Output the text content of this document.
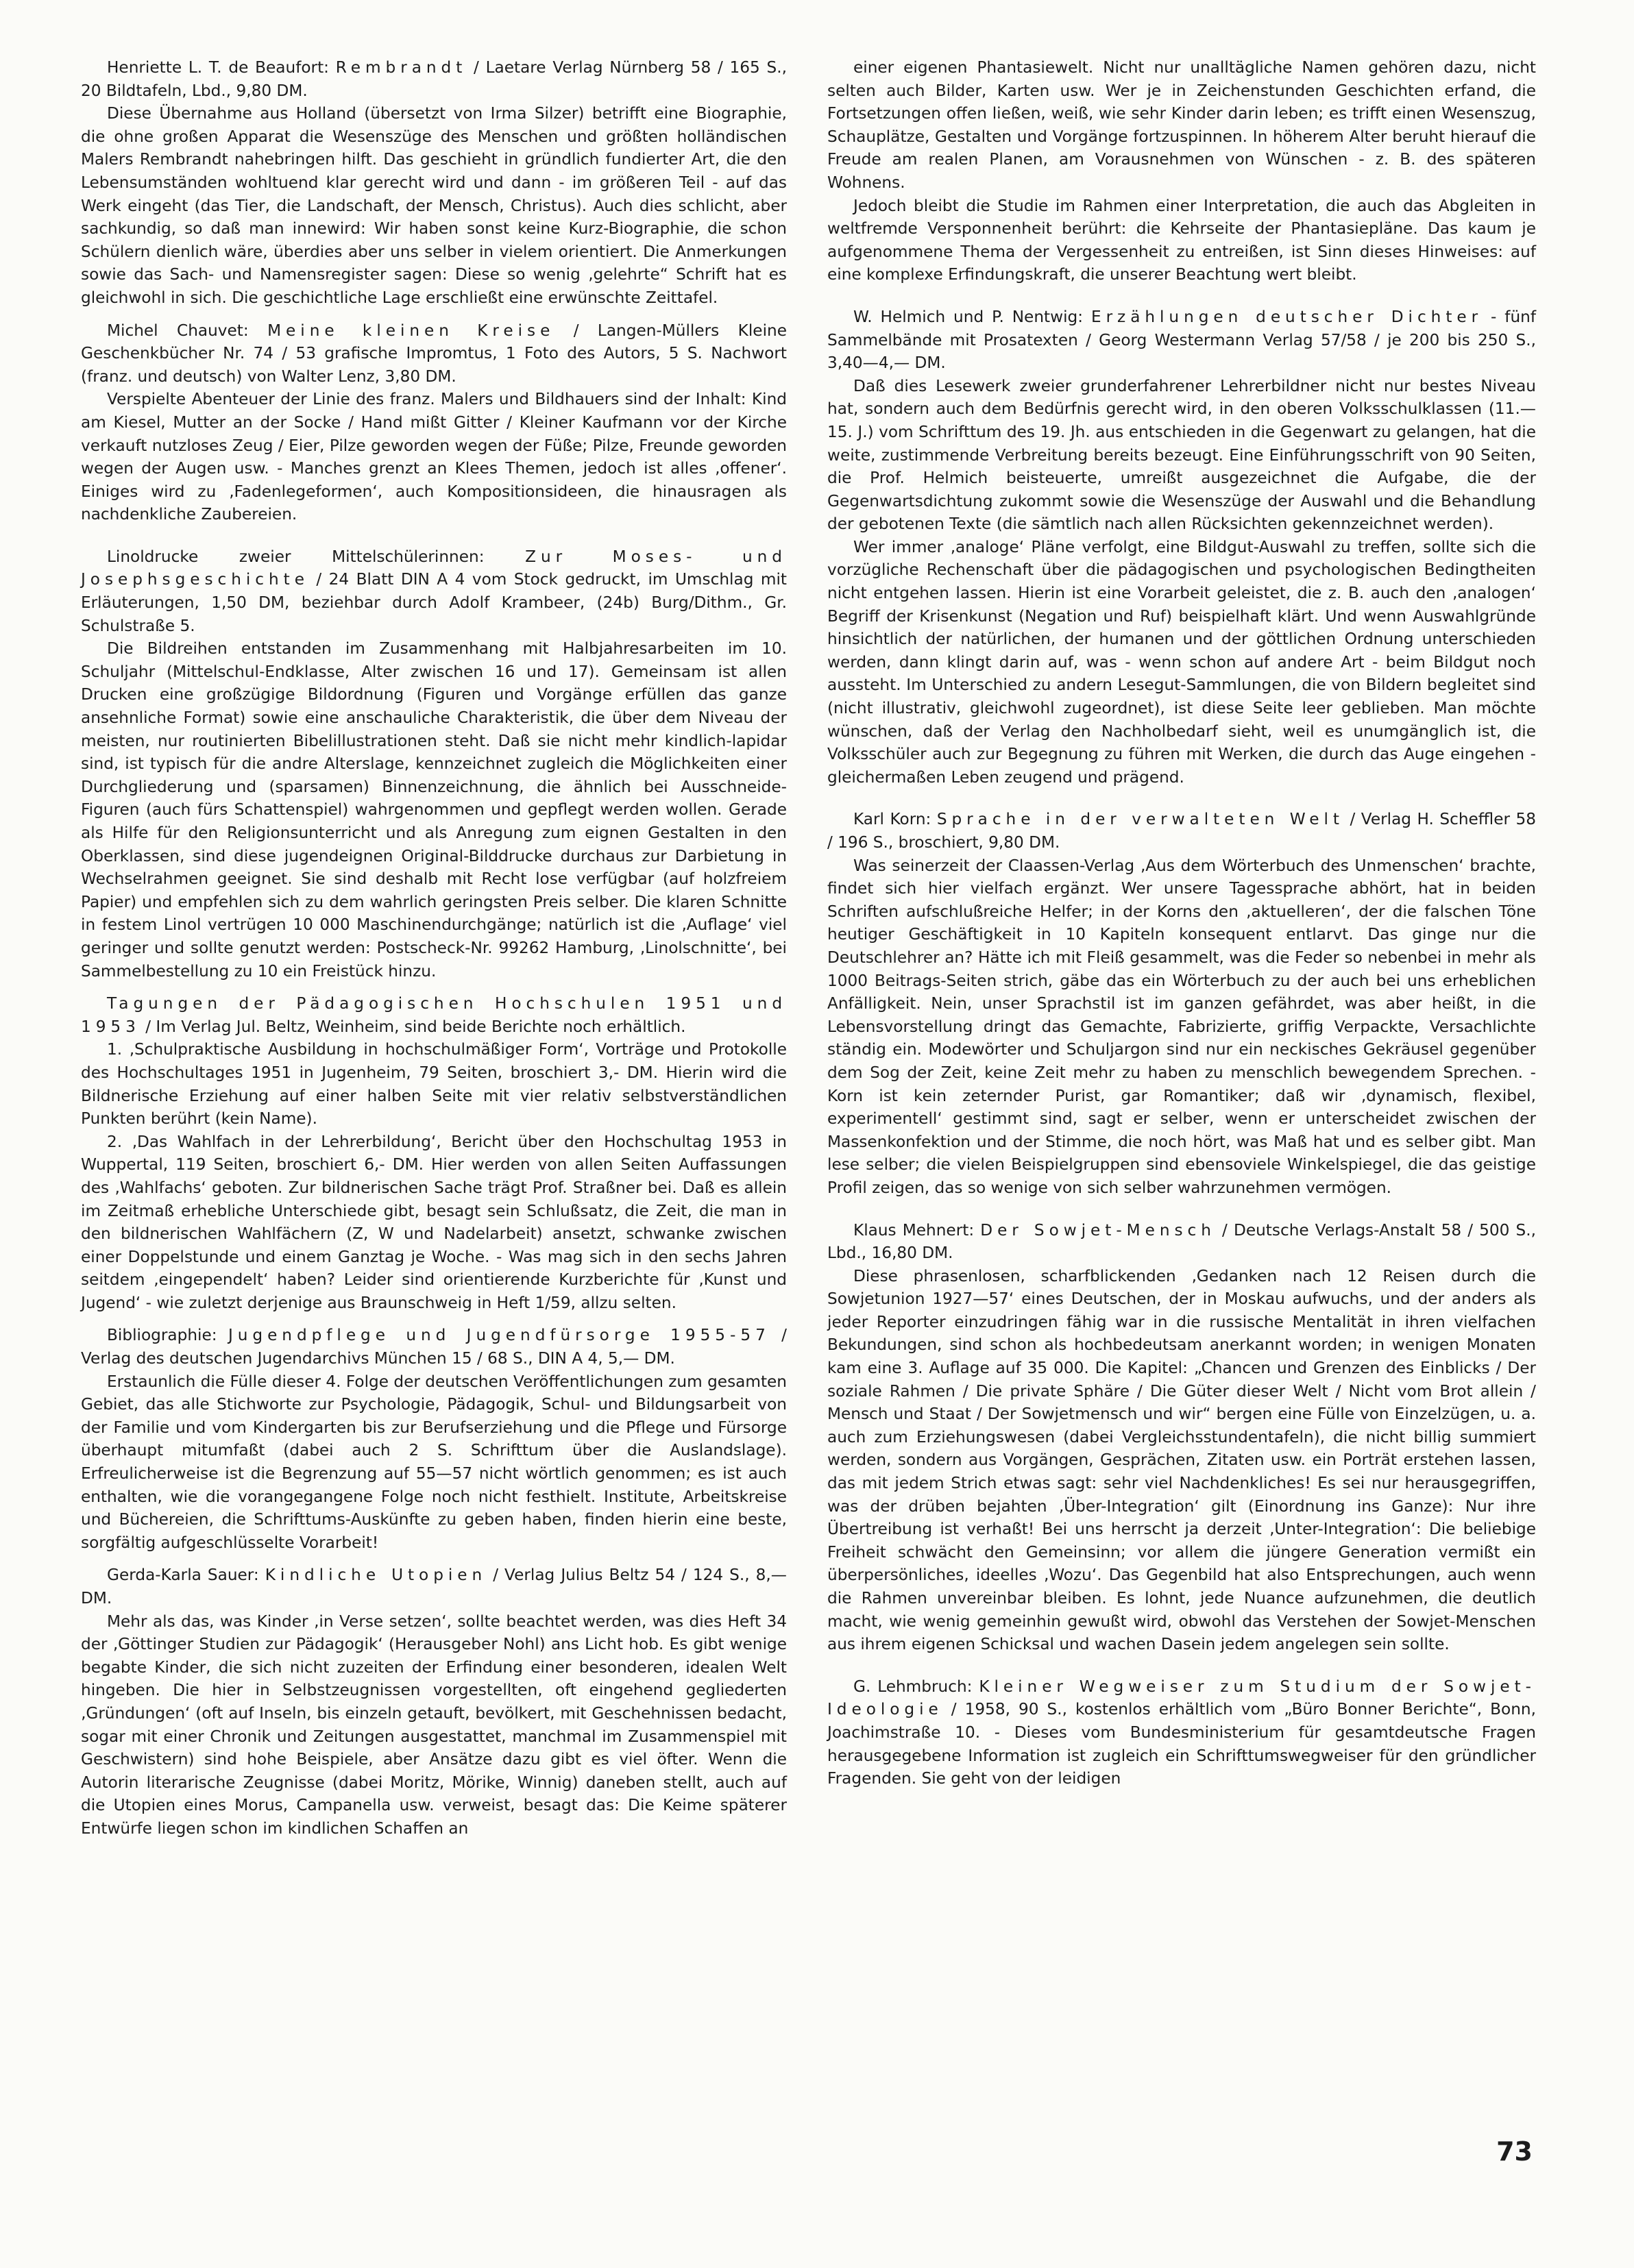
Henriette L. T. de Beaufort: Rembrandt / Laetare Verlag Nürnberg 58 / 165 S., 20 Bildtafeln, Lbd., 9,80 DM.

Diese Übernahme aus Holland (übersetzt von Irma Silzer) betrifft eine Biographie, die ohne großen Apparat die Wesenszüge des Menschen und größten holländischen Malers Rembrandt nahebringen hilft. Das geschieht in gründlich fundierter Art, die den Lebensumständen wohltuend klar gerecht wird und dann - im größeren Teil - auf das Werk eingeht (das Tier, die Landschaft, der Mensch, Christus). Auch dies schlicht, aber sachkundig, so daß man innewird: Wir haben sonst keine Kurz-Biographie, die schon Schülern dienlich wäre, überdies aber uns selber in vielem orientiert. Die Anmerkungen sowie das Sach- und Namensregister sagen: Diese so wenig ‚gelehrte“ Schrift hat es gleichwohl in sich. Die geschichtliche Lage erschließt eine erwünschte Zeittafel.

Michel Chauvet: Meine kleinen Kreise / Langen-Müllers Kleine Geschenkbücher Nr. 74 / 53 grafische Impromtus, 1 Foto des Autors, 5 S. Nachwort (franz. und deutsch) von Walter Lenz, 3,80 DM.

Verspielte Abenteuer der Linie des franz. Malers und Bildhauers sind der Inhalt: Kind am Kiesel, Mutter an der Socke / Hand mißt Gitter / Kleiner Kaufmann vor der Kirche verkauft nutzloses Zeug / Eier, Pilze geworden wegen der Füße; Pilze, Freunde geworden wegen der Augen usw. - Manches grenzt an Klees Themen, jedoch ist alles ‚offener‘. Einiges wird zu ‚Fadenlegeformen‘, auch Kompositionsideen, die hinausragen als nachdenkliche Zaubereien.

Linoldrucke zweier Mittelschülerinnen: Zur Moses- und Josephsgeschichte / 24 Blatt DIN A 4 vom Stock gedruckt, im Umschlag mit Erläuterungen, 1,50 DM, beziehbar durch Adolf Krambeer, (24b) Burg/Dithm., Gr. Schulstraße 5.

Die Bildreihen entstanden im Zusammenhang mit Halbjahresarbeiten im 10. Schuljahr (Mittelschul-Endklasse, Alter zwischen 16 und 17). Gemeinsam ist allen Drucken eine großzügige Bildordnung (Figuren und Vorgänge erfüllen das ganze ansehnliche Format) sowie eine anschauliche Charakteristik, die über dem Niveau der meisten, nur routinierten Bibelillustrationen steht. Daß sie nicht mehr kindlich-lapidar sind, ist typisch für die andre Alterslage, kennzeichnet zugleich die Möglichkeiten einer Durchgliederung und (sparsamen) Binnenzeichnung, die ähnlich bei Ausschneide-Figuren (auch fürs Schattenspiel) wahrgenommen und gepflegt werden wollen. Gerade als Hilfe für den Religionsunterricht und als Anregung zum eignen Gestalten in den Oberklassen, sind diese jugendeignen Original-Bilddrucke durchaus zur Darbietung in Wechselrahmen geeignet. Sie sind deshalb mit Recht lose verfügbar (auf holzfreiem Papier) und empfehlen sich zu dem wahrlich geringsten Preis selber. Die klaren Schnitte in festem Linol vertrügen 10 000 Maschinendurchgänge; natürlich ist die ‚Auflage‘ viel geringer und sollte genutzt werden: Postscheck-Nr. 99262 Hamburg, ‚Linolschnitte‘, bei Sammelbestellung zu 10 ein Freistück hinzu.

Tagungen der Pädagogischen Hochschulen 1951 und 1953 / Im Verlag Jul. Beltz, Weinheim, sind beide Berichte noch erhältlich.

1. ‚Schulpraktische Ausbildung in hochschulmäßiger Form‘, Vorträge und Protokolle des Hochschultages 1951 in Jugenheim, 79 Seiten, broschiert 3,- DM. Hierin wird die Bildnerische Erziehung auf einer halben Seite mit vier relativ selbstverständlichen Punkten berührt (kein Name).

2. ‚Das Wahlfach in der Lehrerbildung‘, Bericht über den Hochschultag 1953 in Wuppertal, 119 Seiten, broschiert 6,- DM. Hier werden von allen Seiten Auffassungen des ‚Wahlfachs‘ geboten. Zur bildnerischen Sache trägt Prof. Straßner bei. Daß es allein im Zeitmaß erhebliche Unterschiede gibt, besagt sein Schlußsatz, die Zeit, die man in den bildnerischen Wahlfächern (Z, W und Nadelarbeit) ansetzt, schwanke zwischen einer Doppelstunde und einem Ganztag je Woche. - Was mag sich in den sechs Jahren seitdem ‚eingependelt‘ haben? Leider sind orientierende Kurzberichte für ‚Kunst und Jugend‘ - wie zuletzt derjenige aus Braunschweig in Heft 1/59, allzu selten.

Bibliographie: Jugendpflege und Jugendfürsorge 1955-57 / Verlag des deutschen Jugendarchivs München 15 / 68 S., DIN A 4, 5,— DM.

Erstaunlich die Fülle dieser 4. Folge der deutschen Veröffentlichungen zum gesamten Gebiet, das alle Stichworte zur Psychologie, Pädagogik, Schul- und Bildungsarbeit von der Familie und vom Kindergarten bis zur Berufserziehung und die Pflege und Fürsorge überhaupt mitumfaßt (dabei auch 2 S. Schrifttum über die Auslandslage). Erfreulicherweise ist die Begrenzung auf 55—57 nicht wörtlich genommen; es ist auch enthalten, wie die vorangegangene Folge noch nicht festhielt. Institute, Arbeitskreise und Büchereien, die Schrifttums-Auskünfte zu geben haben, finden hierin eine beste, sorgfältig aufgeschlüsselte Vorarbeit!

Gerda-Karla Sauer: Kindliche Utopien / Verlag Julius Beltz 54 / 124 S., 8,— DM.

Mehr als das, was Kinder ‚in Verse setzen‘, sollte beachtet werden, was dies Heft 34 der ‚Göttinger Studien zur Pädagogik‘ (Herausgeber Nohl) ans Licht hob. Es gibt wenige begabte Kinder, die sich nicht zuzeiten der Erfindung einer besonderen, idealen Welt hingeben. Die hier in Selbstzeugnissen vorgestellten, oft eingehend gegliederten ‚Gründungen‘ (oft auf Inseln, bis einzeln getauft, bevölkert, mit Geschehnissen bedacht, sogar mit einer Chronik und Zeitungen ausgestattet, manchmal im Zusammenspiel mit Geschwistern) sind hohe Beispiele, aber Ansätze dazu gibt es viel öfter. Wenn die Autorin literarische Zeugnisse (dabei Moritz, Mörike, Winnig) daneben stellt, auch auf die Utopien eines Morus, Campanella usw. verweist, besagt das: Die Keime späterer Entwürfe liegen schon im kindlichen Schaffen an

einer eigenen Phantasiewelt. Nicht nur unalltägliche Namen gehören dazu, nicht selten auch Bilder, Karten usw. Wer je in Zeichenstunden Geschichten erfand, die Fortsetzungen offen ließen, weiß, wie sehr Kinder darin leben; es trifft einen Wesenszug, Schauplätze, Gestalten und Vorgänge fortzuspinnen. In höherem Alter beruht hierauf die Freude am realen Planen, am Vorausnehmen von Wünschen - z. B. des späteren Wohnens.

Jedoch bleibt die Studie im Rahmen einer Interpretation, die auch das Abgleiten in weltfremde Versponnenheit berührt: die Kehrseite der Phantasiepläne. Das kaum je aufgenommene Thema der Vergessenheit zu entreißen, ist Sinn dieses Hinweises: auf eine komplexe Erfindungskraft, die unserer Beachtung wert bleibt.

W. Helmich und P. Nentwig: Erzählungen deutscher Dichter - fünf Sammelbände mit Prosatexten / Georg Westermann Verlag 57/58 / je 200 bis 250 S., 3,40—4,— DM.

Daß dies Lesewerk zweier grunderfahrener Lehrerbildner nicht nur bestes Niveau hat, sondern auch dem Bedürfnis gerecht wird, in den oberen Volksschulklassen (11.—15. J.) vom Schrifttum des 19. Jh. aus entschieden in die Gegenwart zu gelangen, hat die weite, zustimmende Verbreitung bereits bezeugt. Eine Einführungsschrift von 90 Seiten, die Prof. Helmich beisteuerte, umreißt ausgezeichnet die Aufgabe, die der Gegenwartsdichtung zukommt sowie die Wesenszüge der Auswahl und die Behandlung der gebotenen Texte (die sämtlich nach allen Rücksichten gekennzeichnet werden).

Wer immer ‚analoge‘ Pläne verfolgt, eine Bildgut-Auswahl zu treffen, sollte sich die vorzügliche Rechenschaft über die pädagogischen und psychologischen Bedingtheiten nicht entgehen lassen. Hierin ist eine Vorarbeit geleistet, die z. B. auch den ‚analogen‘ Begriff der Krisenkunst (Negation und Ruf) beispielhaft klärt. Und wenn Auswahlgründe hinsichtlich der natürlichen, der humanen und der göttlichen Ordnung unterschieden werden, dann klingt darin auf, was - wenn schon auf andere Art - beim Bildgut noch aussteht. Im Unterschied zu andern Lesegut-Sammlungen, die von Bildern begleitet sind (nicht illustrativ, gleichwohl zugeordnet), ist diese Seite leer geblieben. Man möchte wünschen, daß der Verlag den Nachholbedarf sieht, weil es unumgänglich ist, die Volksschüler auch zur Begegnung zu führen mit Werken, die durch das Auge eingehen - gleichermaßen Leben zeugend und prägend.

Karl Korn: Sprache in der verwalteten Welt / Verlag H. Scheffler 58 / 196 S., broschiert, 9,80 DM.

Was seinerzeit der Claassen-Verlag ‚Aus dem Wörterbuch des Unmenschen‘ brachte, findet sich hier vielfach ergänzt. Wer unsere Tagessprache abhört, hat in beiden Schriften aufschlußreiche Helfer; in der Korns den ‚aktuelleren‘, der die falschen Töne heutiger Geschäftigkeit in 10 Kapiteln konsequent entlarvt. Das ginge nur die Deutschlehrer an? Hätte ich mit Fleiß gesammelt, was die Feder so nebenbei in mehr als 1000 Beitrags-Seiten strich, gäbe das ein Wörterbuch zu der auch bei uns erheblichen Anfälligkeit. Nein, unser Sprachstil ist im ganzen gefährdet, was aber heißt, in die Lebensvorstellung dringt das Gemachte, Fabrizierte, griffig Verpackte, Versachlichte ständig ein. Modewörter und Schuljargon sind nur ein neckisches Gekräusel gegenüber dem Sog der Zeit, keine Zeit mehr zu haben zu menschlich bewegendem Sprechen. - Korn ist kein zeternder Purist, gar Romantiker; daß wir ‚dynamisch, flexibel, experimentell‘ gestimmt sind, sagt er selber, wenn er unterscheidet zwischen der Massenkonfektion und der Stimme, die noch hört, was Maß hat und es selber gibt. Man lese selber; die vielen Beispielgruppen sind ebensoviele Winkelspiegel, die das geistige Profil zeigen, das so wenige von sich selber wahrzunehmen vermögen.

Klaus Mehnert: Der Sowjet-Mensch / Deutsche Verlags-Anstalt 58 / 500 S., Lbd., 16,80 DM.

Diese phrasenlosen, scharfblickenden ‚Gedanken nach 12 Reisen durch die Sowjetunion 1927—57‘ eines Deutschen, der in Moskau aufwuchs, und der anders als jeder Reporter einzudringen fähig war in die russische Mentalität in ihren vielfachen Bekundungen, sind schon als hochbedeutsam anerkannt worden; in wenigen Monaten kam eine 3. Auflage auf 35 000. Die Kapitel: „Chancen und Grenzen des Einblicks / Der soziale Rahmen / Die private Sphäre / Die Güter dieser Welt / Nicht vom Brot allein / Mensch und Staat / Der Sowjetmensch und wir“ bergen eine Fülle von Einzelzügen, u. a. auch zum Erziehungswesen (dabei Vergleichsstundentafeln), die nicht billig summiert werden, sondern aus Vorgängen, Gesprächen, Zitaten usw. ein Porträt erstehen lassen, das mit jedem Strich etwas sagt: sehr viel Nachdenkliches! Es sei nur herausgegriffen, was der drüben bejahten ‚Über-Integration‘ gilt (Einordnung ins Ganze): Nur ihre Übertreibung ist verhaßt! Bei uns herrscht ja derzeit ‚Unter-Integration‘: Die beliebige Freiheit schwächt den Gemeinsinn; vor allem die jüngere Generation vermißt ein überpersönliches, ideelles ‚Wozu‘. Das Gegenbild hat also Entsprechungen, auch wenn die Rahmen unvereinbar bleiben. Es lohnt, jede Nuance aufzunehmen, die deutlich macht, wie wenig gemeinhin gewußt wird, obwohl das Verstehen der Sowjet-Menschen aus ihrem eigenen Schicksal und wachen Dasein jedem angelegen sein sollte.

G. Lehmbruch: Kleiner Wegweiser zum Studium der Sowjet-Ideologie / 1958, 90 S., kostenlos erhältlich vom „Büro Bonner Berichte“, Bonn, Joachimstraße 10. - Dieses vom Bundesministerium für gesamtdeutsche Fragen herausgegebene Information ist zugleich ein Schrifttumswegweiser für den gründlicher Fragenden. Sie geht von der leidigen

73
